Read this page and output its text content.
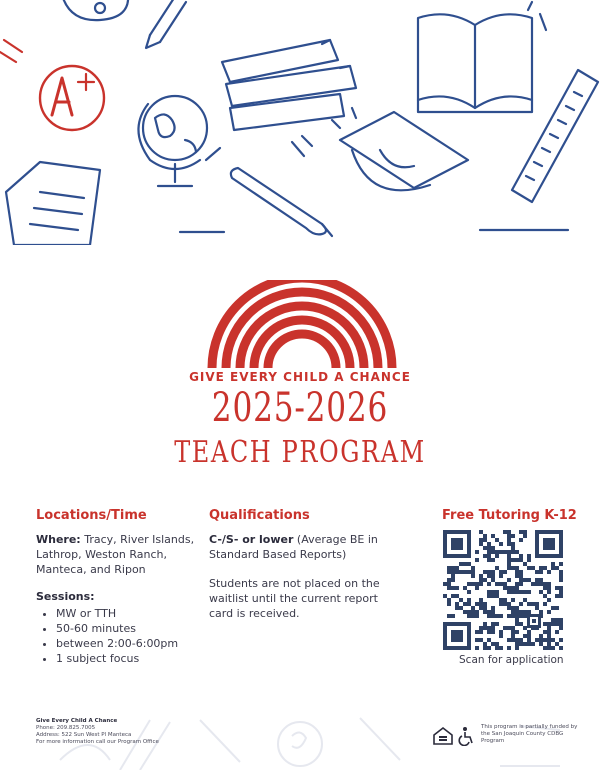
GIVE EVERY CHILD A CHANCE
2025-2026
TEACH PROGRAM
Locations/Time

Where: Tracy, River Islands, Lathrop, Weston Ranch, Manteca, and Ripon

Sessions:
• MW or TTH
• 50-60 minutes
• between 2:00-6:00pm
• 1 subject focus
Qualifications

C-/S- or lower (Average BE in Standard Based Reports)

Students are not placed on the waitlist until the current report card is received.

Free Tutoring K-12
Scan for application
Give Every Child A Chance
Phone: 209.825.7005
Address: 522 Sun West Pl Manteca
For more information call our Program Office
This program is partially funded by the San Joaquin County CDBG Program
